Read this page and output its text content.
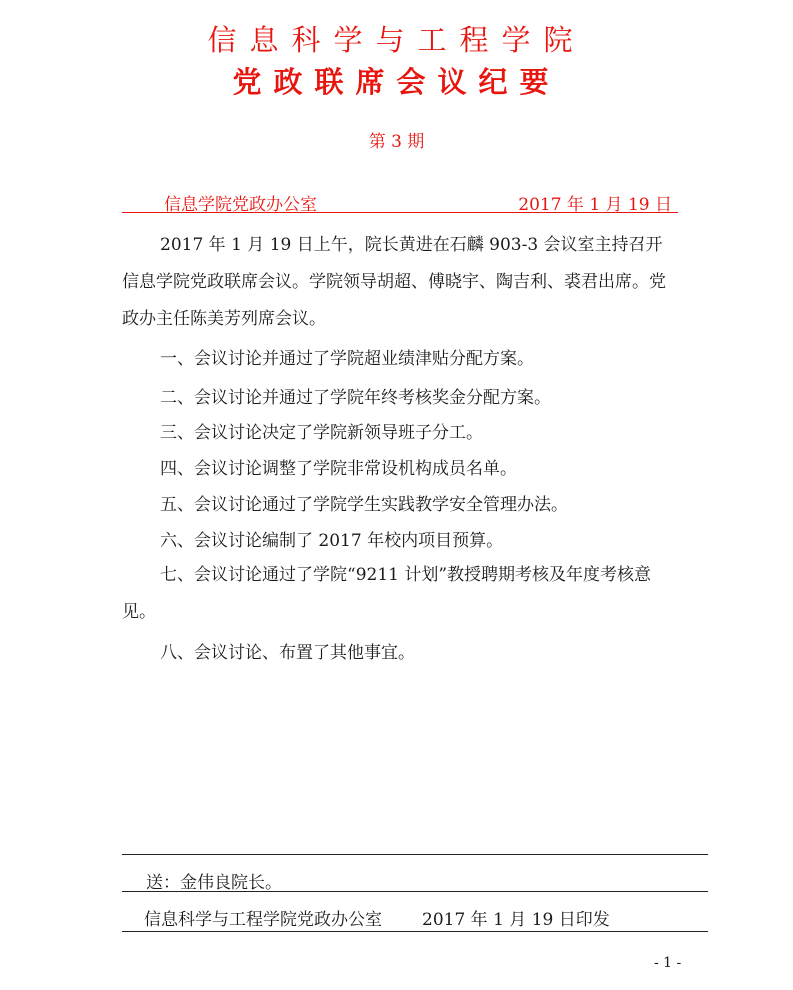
信息科学与工程学院
党政联席会议纪要
第 3 期
信息学院党政办公室	2017 年 1 月 19 日

2017 年 1 月 19 日上午，院长黄进在石麟 903-3 会议室主持召开信息学院党政联席会议。学院领导胡超、傅晓宇、陶吉利、裘君出席。党政办主任陈美芳列席会议。

一、会议讨论并通过了学院超业绩津贴分配方案。

二、会议讨论并通过了学院年终考核奖金分配方案。

三、会议讨论决定了学院新领导班子分工。

四、会议讨论调整了学院非常设机构成员名单。

五、会议讨论通过了学院学生实践教学安全管理办法。

六、会议讨论编制了 2017 年校内项目预算。

七、会议讨论通过了学院“9211 计划”教授聘期考核及年度考核意见。

八、会议讨论、布置了其他事宜。

送：金伟良院长。
信息科学与工程学院党政办公室 2017 年 1 月 19 日印发
- 1 -
